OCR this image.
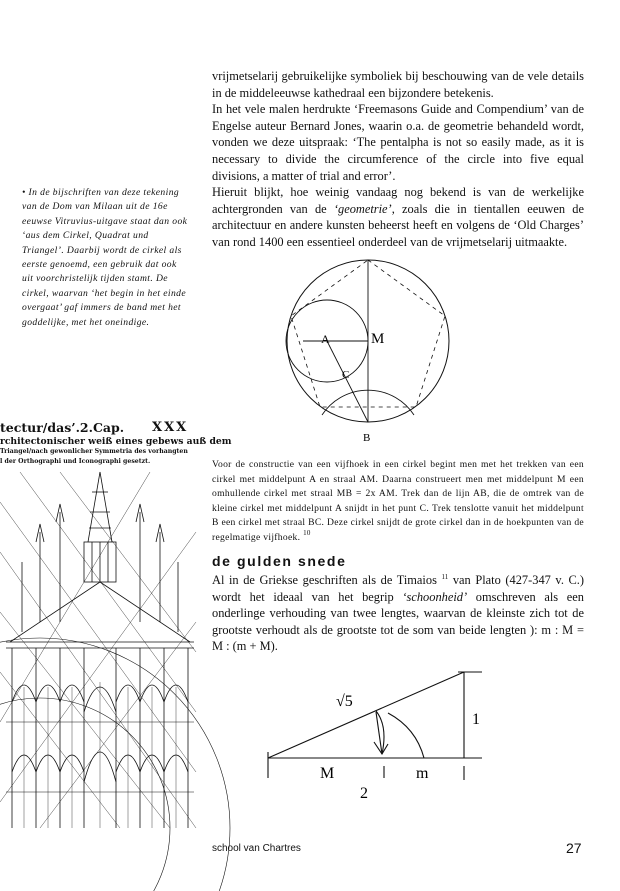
vrijmetselarij gebruikelijke symboliek bij beschouwing van de vele details in de middeleeuwse kathedraal een bijzondere betekenis.

In het vele malen herdrukte ‘Freemasons Guide and Compendium’ van de Engelse auteur Bernard Jones, waarin o.a. de geometrie behandeld wordt, vonden we deze uitspraak: ‘The pentalpha is not so easily made, as it is necessary to divide the circumference of the circle into five equal divisions, a matter of trial and error’.

Hieruit blijkt, hoe weinig vandaag nog bekend is van de werkelijke achtergronden van de ‘geometrie’, zoals die in tientallen eeuwen de architectuur en andere kunsten beheerst heeft en volgens de ‘Old Charges’ van rond 1400 een essentieel onderdeel van de vrijmetselarij uitmaakte.

• In de bijschriften van deze tekening van de Dom van Milaan uit de 16e eeuwse Vitruvius-uitgave staat dan ook ‘aus dem Cirkel, Quadrat und Triangel’. Daarbij wordt de cirkel als eerste genoemd, een gebruik dat ook uit voorchristelijk tijden stamt. De cirkel, waarvan ‘het begin in het einde overgaat’ gaf immers de band met het goddelijke, met het oneindige.
tectur/das’.2.Cap. XXX
rchitectonischer weiß eines gebews auß dem
Triangel/nach gewonlicher Symmetria des vorhangten
l der Orthographi und Iconographi gesetzt.
A	M
C
B
Voor de constructie van een vijfhoek in een cirkel begint men met het trekken van een cirkel met middelpunt A en straal AM. Daarna construeert men met middelpunt M een omhullende cirkel met straal MB = 2x AM. Trek dan de lijn AB, die de omtrek van de kleine cirkel met middelpunt A snijdt in het punt C. Trek tenslotte vanuit het middelpunt B een cirkel met straal BC. Deze cirkel snijdt de grote cirkel dan in de hoekpunten van de regelmatige vijfhoek. $^{10}$
de gulden snede

Al in de Griekse geschriften als de Timaios $^{11}$ van Plato (427-347 v. C.) wordt het ideaal van het begrip ‘schoonheid’ omschreven als een onderlinge verhouding van twee lengtes, waarvan de kleinste zich tot de grootste verhoudt als de grootste tot de som van beide lengten ): m : M = M : (m + M).

√5
1
M	m
2
school van Chartres	27
